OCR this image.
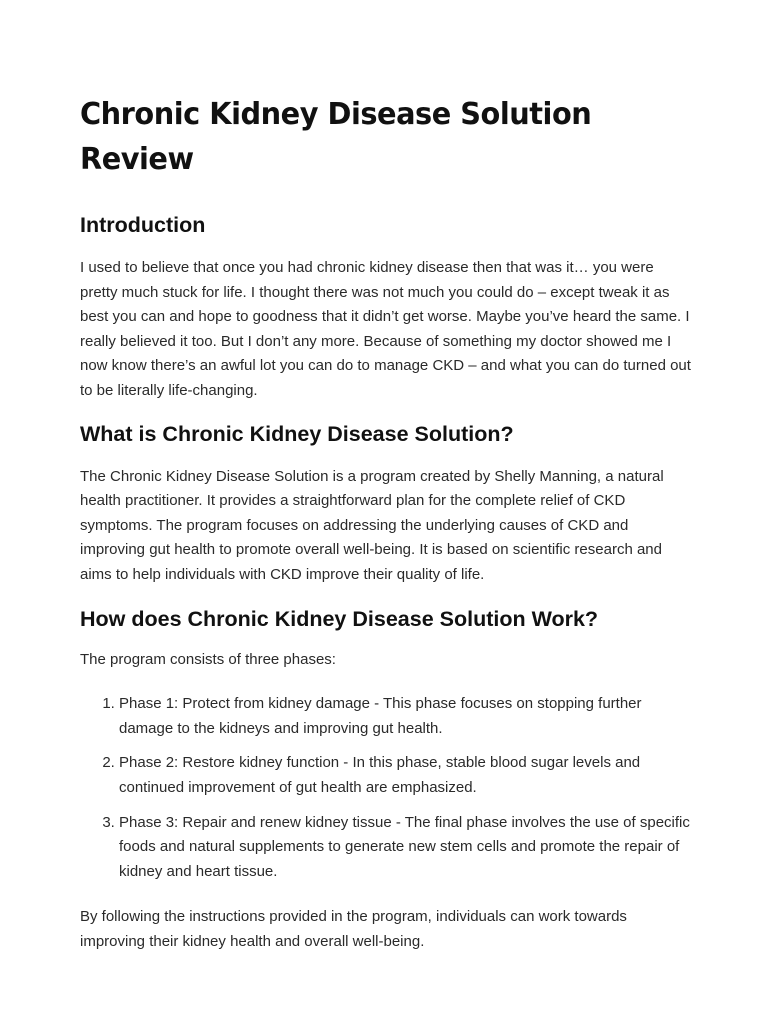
Chronic Kidney Disease Solution Review
Introduction

I used to believe that once you had chronic kidney disease then that was it… you were pretty much stuck for life. I thought there was not much you could do – except tweak it as best you can and hope to goodness that it didn’t get worse. Maybe you’ve heard the same. I really believed it too. But I don’t any more. Because of something my doctor showed me I now know there’s an awful lot you can do to manage CKD – and what you can do turned out to be literally life-changing.

What is Chronic Kidney Disease Solution?

The Chronic Kidney Disease Solution is a program created by Shelly Manning, a natural health practitioner. It provides a straightforward plan for the complete relief of CKD symptoms. The program focuses on addressing the underlying causes of CKD and improving gut health to promote overall well-being. It is based on scientific research and aims to help individuals with CKD improve their quality of life.

How does Chronic Kidney Disease Solution Work?

The program consists of three phases:

1. Phase 1: Protect from kidney damage - This phase focuses on stopping further damage to the kidneys and improving gut health.
2. Phase 2: Restore kidney function - In this phase, stable blood sugar levels and continued improvement of gut health are emphasized.
3. Phase 3: Repair and renew kidney tissue - The final phase involves the use of specific foods and natural supplements to generate new stem cells and promote the repair of kidney and heart tissue.

By following the instructions provided in the program, individuals can work towards improving their kidney health and overall well-being.
